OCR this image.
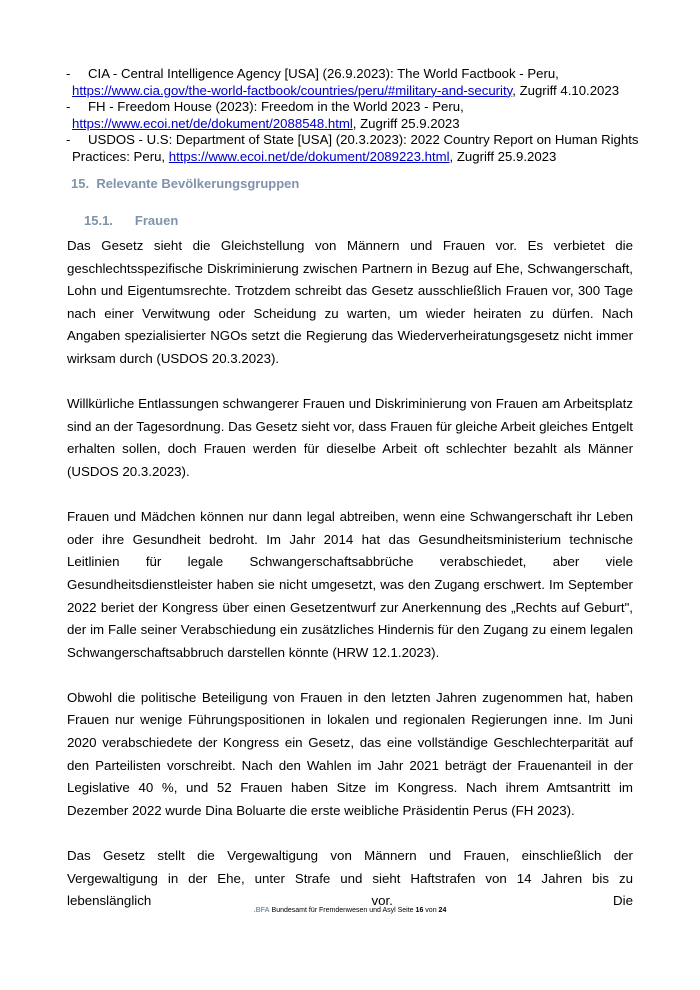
- CIA - Central Intelligence Agency [USA] (26.9.2023): The World Factbook - Peru,
https://www.cia.gov/the-world-factbook/countries/peru/#military-and-security, Zugriff 4.10.2023
- FH - Freedom House (2023): Freedom in the World 2023 - Peru,
https://www.ecoi.net/de/dokument/2088548.html, Zugriff 25.9.2023
- USDOS - U.S: Department of State [USA] (20.3.2023): 2022 Country Report on Human Rights Practices: Peru, https://www.ecoi.net/de/dokument/2089223.html, Zugriff 25.9.2023
15. Relevante Bevölkerungsgruppen
15.1. Frauen

Das Gesetz sieht die Gleichstellung von Männern und Frauen vor. Es verbietet die geschlechtsspezifische Diskriminierung zwischen Partnern in Bezug auf Ehe, Schwangerschaft, Lohn und Eigentumsrechte. Trotzdem schreibt das Gesetz ausschließlich Frauen vor, 300 Tage nach einer Verwitwung oder Scheidung zu warten, um wieder heiraten zu dürfen. Nach Angaben spezialisierter NGOs setzt die Regierung das Wiederverheiratungsgesetz nicht immer wirksam durch (USDOS 20.3.2023).

Willkürliche Entlassungen schwangerer Frauen und Diskriminierung von Frauen am Arbeitsplatz sind an der Tagesordnung. Das Gesetz sieht vor, dass Frauen für gleiche Arbeit gleiches Entgelt erhalten sollen, doch Frauen werden für dieselbe Arbeit oft schlechter bezahlt als Männer (USDOS 20.3.2023).

Frauen und Mädchen können nur dann legal abtreiben, wenn eine Schwangerschaft ihr Leben oder ihre Gesundheit bedroht. Im Jahr 2014 hat das Gesundheitsministerium technische Leitlinien für legale Schwangerschaftsabbrüche verabschiedet, aber viele Gesundheitsdienstleister haben sie nicht umgesetzt, was den Zugang erschwert. Im September 2022 beriet der Kongress über einen Gesetzentwurf zur Anerkennung des „Rechts auf Geburt", der im Falle seiner Verabschiedung ein zusätzliches Hindernis für den Zugang zu einem legalen Schwangerschaftsabbruch darstellen könnte (HRW 12.1.2023).

Obwohl die politische Beteiligung von Frauen in den letzten Jahren zugenommen hat, haben Frauen nur wenige Führungspositionen in lokalen und regionalen Regierungen inne. Im Juni 2020 verabschiedete der Kongress ein Gesetz, das eine vollständige Geschlechterparität auf den Parteilisten vorschreibt. Nach den Wahlen im Jahr 2021 beträgt der Frauenanteil in der Legislative 40 %, und 52 Frauen haben Sitze im Kongress. Nach ihrem Amtsantritt im Dezember 2022 wurde Dina Boluarte die erste weibliche Präsidentin Perus (FH 2023).

Das Gesetz stellt die Vergewaltigung von Männern und Frauen, einschließlich der Vergewaltigung in der Ehe, unter Strafe und sieht Haftstrafen von 14 Jahren bis zu lebenslänglich vor. Die

.BFA Bundesamt für Fremdenwesen und Asyl Seite 16 von 24
